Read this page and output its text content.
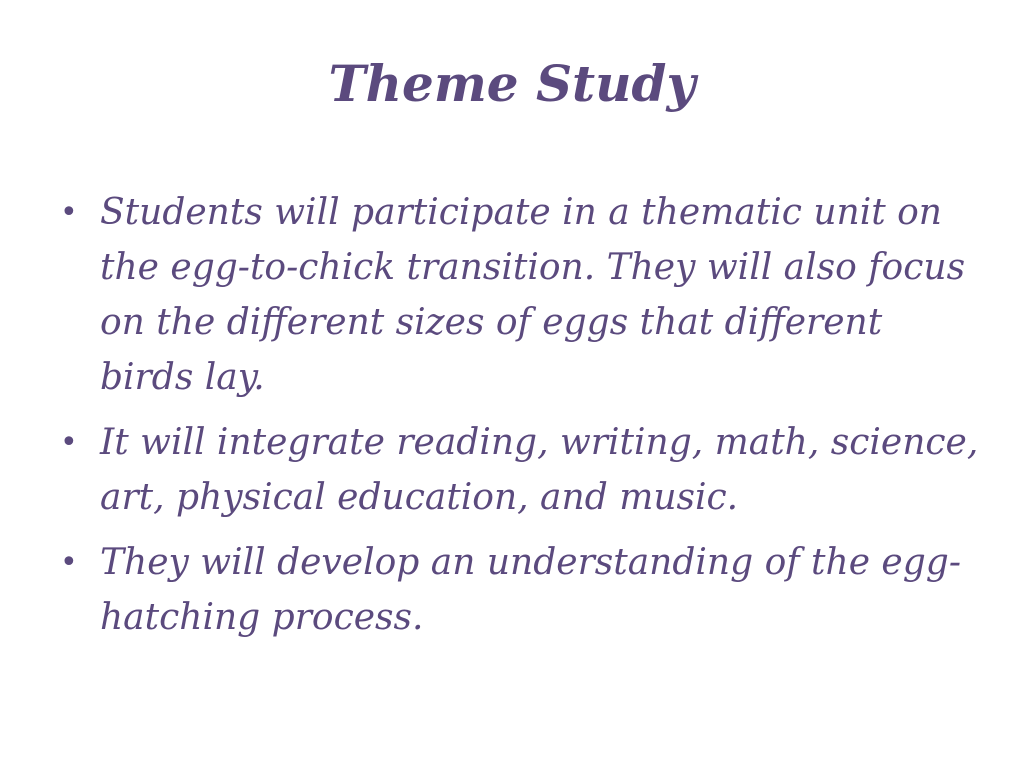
Theme Study
• Students will participate in a thematic unit on the egg-to-chick transition. They will also focus on the different sizes of eggs that different birds lay.
• It will integrate reading, writing, math, science, art, physical education, and music.
• They will develop an understanding of the egg-hatching process.
